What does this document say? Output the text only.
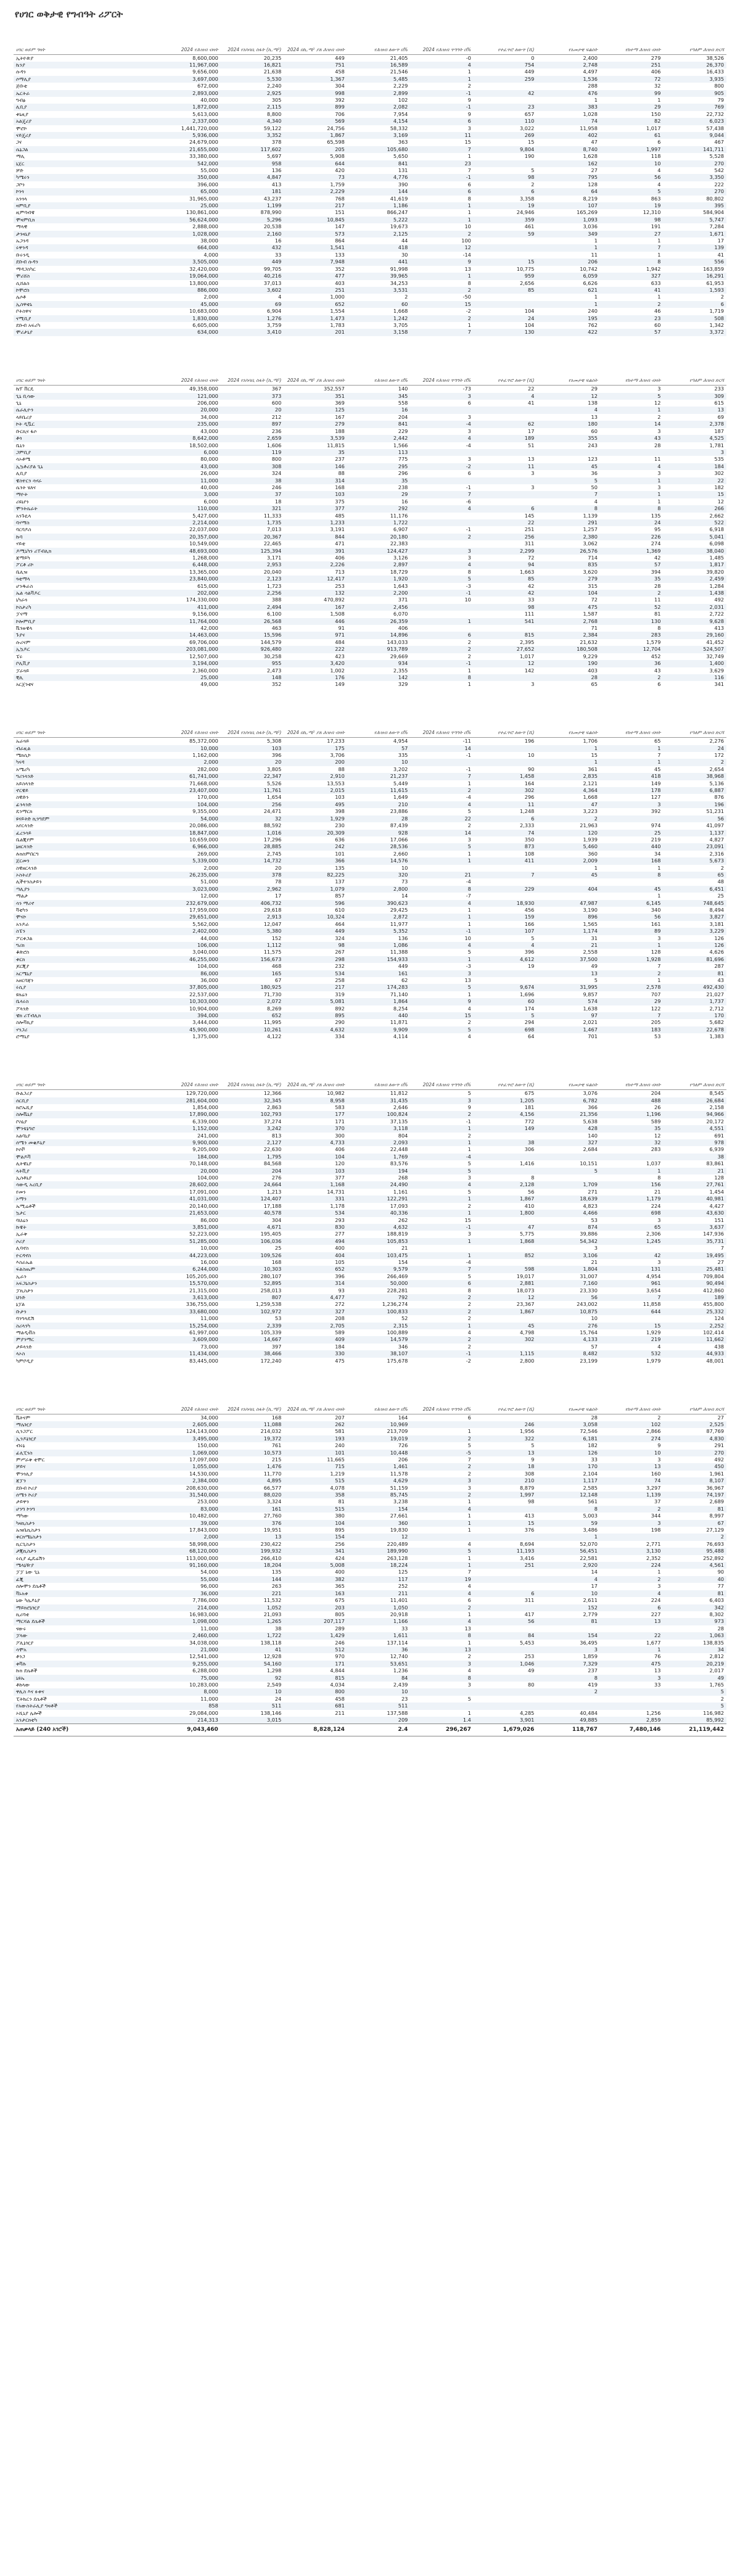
የሀገር ወቅታዊ የግብዓት ሪፖርት
ሀገር ወይም ግዛት	2024 የሕዝብ ብዛት	2024 የአካባቢ ስፋት (ኪ.ሜ²)	2024 በኪ.ሜ² ያለ ሕዝብ ብዛት	የሕዝብ ለውጥ በ%	2024 የሕዝብ ጥግግት በ%	የተፈጥሮ ለውጥ (ሺ)	የአመታዊ ፍልሰት	የከተማ ሕዝብ ብዛት	የዓለም ሕዝብ ድርሻ
ኢትዮጵያ	8,600,000	20,235	449	21,405	-0	0	2,400	279	38,526
ኬንያ	11,967,000	16,821	751	16,589	4	754	2,748	251	26,370
ሱዳን	9,656,000	21,638	458	21,546	1	449	4,497	406	16,433
ሶማሊያ	3,697,000	5,530	1,367	5,485	1	259	1,536	72	3,935
ጅቡቲ	672,000	2,240	304	2,229	2		288	32	800
ኤርትራ	2,893,000	2,925	998	2,899	-1	42	476	99	905
ግብፅ	40,000	305	392	102	9		1	1	79
ሊቢያ	1,872,000	2,115	899	2,082	-1	23	383	29	769
ቱኒዚያ	5,613,000	8,800	706	7,954	9	657	1,028	150	22,732
አልጄሪያ	2,337,000	4,340	569	4,154	6	110	74	82	6,023
ሞሮኮ	1,441,720,000	59,122	24,756	58,332	3	3,022	11,958	1,017	57,438
ናይጄሪያ	5,936,000	3,352	1,867	3,169	11	269	402	61	9,044
ጋና	24,679,000	378	65,598	363	15	15	47	6	467
ሴኔጋል	21,655,000	117,602	205	105,680	7	9,804	8,740	1,997	141,711
ማሊ	33,380,000	5,697	5,908	5,650	1	190	1,628	118	5,528
ኒጀር	542,000	958	644	841	23		162	10	270
ቻድ	55,000	136	420	131	7	5	27	4	542
ካሜሩን	350,000	4,847	73	4,776	-1	98	795	56	3,350
ጋቦን	396,000	413	1,759	390	6	2	128	4	222
ኮንጎ	65,000	181	2,229	144	6	6	64	5	270
አንጎላ	31,965,000	43,237	768	41,619	8	3,358	8,219	863	80,802
ዛምቢያ	25,000	1,199	217	1,186	1	19	107	19	395
ዚምባብዌ	130,861,000	878,990	151	866,247	1	24,946	165,269	12,310	584,904
ሞዛምቢክ	56,624,000	5,296	10,845	5,222	1	359	1,093	98	5,747
ማላዊ	2,888,000	20,538	147	19,673	10	461	3,036	191	7,284
ታንዛኒያ	1,028,000	2,160	573	2,125	2	59	349	27	1,671
ኡጋንዳ	38,000	16	864	44	100		1	1	17
ሩዋንዳ	664,000	432	1,541	418	12		1	7	139
ቡሩንዲ	4,000	33	133	30	-14		11	1	41
ደቡብ ሱዳን	3,505,000	449	7,948	441	9	15	206	8	556
ማዳጋስካር	32,420,000	99,705	352	91,998	13	10,775	10,742	1,942	163,859
ሞሪሸስ	19,064,000	40,216	477	39,965	1	959	6,059	327	16,291
ሲሸልስ	13,800,000	37,013	403	34,253	8	2,656	6,626	633	61,953
ኮሞሮስ	886,000	3,602	251	3,531	2	85	621	41	1,593
ሌሶቶ	2,000	4	1,000	2	-50		1	1	2
ኢስዋቲኒ	45,000	69	652	60	15		1	2	6
ቦትስዋና	10,683,000	6,904	1,554	1,668	-2	104	240	46	1,719
ናሚቢያ	1,830,000	1,276	1,473	1,242	2	24	195	23	508
ደቡብ አፍሪካ	6,605,000	3,759	1,783	3,705	1	104	762	60	1,342
ሞሪታኒያ	634,000	3,410	201	3,158	7	130	422	57	3,372
ሀገር ወይም ግዛት	2024 የሕዝብ ብዛት	2024 የአካባቢ ስፋት (ኪ.ሜ²)	2024 በኪ.ሜ² ያለ ሕዝብ ብዛት	የሕዝብ ለውጥ በ%	2024 የሕዝብ ጥግግት በ%	የተፈጥሮ ለውጥ (ሺ)	የአመታዊ ፍልሰት	የከተማ ሕዝብ ብዛት	የዓለም ሕዝብ ድርሻ
ኬፕ ቨርዴ	49,358,000	367	352,557	140	-73	22	29	3	233
ጊኒ ቢሳው	121,000	373	351	345	3	4	12	5	309
ጊኒ	206,000	600	369	558	6	41	138	12	615
ሴራሊዮን	20,000	20	125	16			4	1	13
ላይቤሪያ	34,000	212	167	204	3		13	2	69
ኮት ዲቯር	235,000	897	279	841	-4	62	180	14	2,378
ቡርኪና ፋሶ	43,000	236	188	229	3	17	60	3	187
ቶጎ	8,642,000	2,659	3,539	2,442	4	189	355	43	4,525
ቤኒን	18,502,000	1,606	11,815	1,566	-4	51	243	28	1,781
ጋምቢያ	6,000	119	35	113					3
ሳኦቶሜ	80,000	800	237	775	3	13	123	11	535
ኢኳቶሪያል ጊኒ	43,000	308	146	295	-2	11	45	4	184
ሊቢያ	26,000	324	88	296	6	3	36	3	302
ዌስተርን ሳሃራ	11,000	38	314	35			5	1	22
ሴንት ሄለና	40,000	246	168	238	-1	3	50	3	182
ማዮት	3,000	37	103	29	7		7	1	15
ሪዩኒየን	6,000	18	375	16	-6		4	1	12
ሞንትሴራት	110,000	321	377	292	4	6	8	8	266
አንጉዪላ	5,427,000	11,333	485	11,176		145	1,139	135	2,662
ባሃማስ	2,214,000	1,735	1,233	1,722		22	291	24	522
ባርባዶስ	22,037,000	7,013	3,191	6,907	-1	251	1,257	95	6,918
ኩባ	20,357,000	20,367	844	20,180	2	256	2,380	226	5,041
ሃይቲ	10,549,000	22,465	471	22,383		311	3,062	274	6,098
ዶሚኒካን ሪፐብሊክ	48,693,000	125,394	391	124,427	3	2,299	26,576	1,369	38,040
ጃማይካ	1,268,000	3,171	406	3,126	3	72	714	42	1,485
ፖርቶ ሪኮ	6,448,000	2,953	2,226	2,897	4	94	835	57	1,817
ቤሊዝ	13,365,000	20,040	713	18,729	8	1,663	3,620	394	39,820
ጓቲማላ	23,840,000	2,123	12,417	1,920	5	85	279	35	2,459
ሆንዱራስ	615,000	1,723	253	1,643	-3	42	315	28	1,284
ኤል ሳልቫዶር	202,000	2,256	132	2,200	-1	42	104	2	1,438
ኒካራጓ	174,330,000	388	470,892	371	10	33	72	11	492
ኮስታሪካ	411,000	2,494	167	2,456		98	475	52	2,031
ፓናማ	9,156,000	6,100	1,508	6,070		111	1,587	81	2,722
ኮሎምቢያ	11,764,000	26,568	446	26,359	1	541	2,768	130	9,628
ቬንዙዌላ	42,000	463	91	406			71	8	413
ጉያና	14,463,000	15,596	971	14,896	6	815	2,384	283	29,160
ሱሪናም	69,706,000	144,579	484	143,033	2	2,395	21,632	1,579	41,452
ኢኳዶር	203,081,000	926,480	222	913,789	2	27,652	180,508	12,704	524,507
ፔሩ	12,507,000	30,258	423	29,669	2	1,017	9,229	452	32,749
ቦሊቪያ	3,194,000	955	3,420	934	-1	12	190	36	1,400
ፓራጓይ	2,360,000	2,473	1,002	2,355	1	142	403	43	3,629
ቺሊ	25,000	148	176	142	8		28	2	116
አርጀንቲና	49,000	352	149	329	1	3	65	6	341
ሀገር ወይም ግዛት	2024 የሕዝብ ብዛት	2024 የአካባቢ ስፋት (ኪ.ሜ²)	2024 በኪ.ሜ² ያለ ሕዝብ ብዛት	የሕዝብ ለውጥ በ%	2024 የሕዝብ ጥግግት በ%	የተፈጥሮ ለውጥ (ሺ)	የአመታዊ ፍልሰት	የከተማ ሕዝብ ብዛት	የዓለም ሕዝብ ድርሻ
ኡራጓይ	85,372,000	5,308	17,233	4,954	-11	196	1,706	65	2,276
ብራዚል	10,000	103	175	57	14		1	1	24
ሜክሲኮ	1,162,000	396	3,706	335	-1	10	15	7	172
ካናዳ	2,000	20	200	10			1	1	2
አሜሪካ	282,000	3,805	88	3,202	-1	90	361	45	2,654
ግሪንላንድ	61,741,000	22,347	2,910	21,237	7	1,458	2,835	418	38,968
አይስላንድ	71,668,000	5,526	13,553	5,449	1	164	2,121	149	5,136
ኖርዌይ	23,407,000	11,761	2,015	11,615	2	302	4,364	178	6,887
ስዊድን	170,000	1,654	103	1,649	-4	296	1,668	127	876
ፊንላንድ	104,000	256	495	210	4	11	47	3	196
ዴንማርክ	9,355,000	24,471	398	23,886	5	1,248	3,223	392	51,231
ዩናይትድ ኪንግደም	54,000	32	1,929	28	22	6	2		56
አየርላንድ	20,086,000	88,592	230	87,439	2	2,333	21,963	974	41,097
ፈረንሳይ	18,847,000	1,016	20,309	928	14	74	120	25	1,137
ቤልጂየም	10,659,000	17,296	636	17,066	3	350	1,939	219	4,827
ኔዘርላንድ	6,966,000	28,885	242	28,536	5	873	5,460	440	23,091
ሉክሰምበርግ	269,000	2,745	101	2,660	1	108	360	34	2,316
ጀርመን	5,339,000	14,732	366	14,576	1	411	2,009	168	5,673
ስዊዘርላንድ	2,000	20	135	10			1	1	2
ኦስትሪያ	26,235,000	378	82,225	320	21	7	45	8	65
ሊችተንስታይን	51,000	78	137	73	-4				48
ጣሊያን	3,023,000	2,962	1,079	2,800	8	229	404	45	6,451
ማልታ	12,000	17	857	14	-7			1	25
ሳን ማሪኖ	232,679,000	406,732	596	390,623	4	18,930	47,987	6,145	748,645
ቫቲካን	17,959,000	29,618	610	29,425	1	456	3,190	340	8,494
ሞናኮ	29,651,000	2,913	10,324	2,872	1	159	896	56	3,827
አንዶራ	5,562,000	12,047	464	11,977	1	166	1,565	161	3,181
ስፔን	2,402,000	5,380	449	5,352	-1	107	1,174	89	3,229
ፖርቱጋል	44,000	152	324	136	10	5	31	3	126
ግሪክ	106,000	1,112	98	1,086	4	4	21	1	126
ቆጵሮስ	3,040,000	11,575	267	11,388	5	396	2,558	128	4,626
ቱርክ	46,255,000	156,673	298	154,933	1	4,612	37,500	1,928	81,696
ጆርጂያ	104,000	468	232	449	-3	19	49	7	287
አርሜኒያ	86,000	165	534	161	3		13	2	81
አዘርባጃን	36,000	67	258	62	13		5	1	43
ሩሲያ	37,805,000	180,925	217	174,283	5	9,674	31,995	2,578	492,430
ዩክሬን	22,537,000	71,730	319	71,140	1	1,696	9,857	707	21,027
ቤላሩስ	10,303,000	2,072	5,081	1,864	9	60	574	29	1,737
ፖላንድ	10,904,000	8,269	892	8,254	4	174	1,638	122	2,712
ቼክ ሪፐብሊክ	394,000	652	895	440	15	5	97	7	170
ስሎቫኪያ	3,444,000	11,995	290	11,871	2	294	2,021	205	5,682
ሃንጋሪ	45,900,000	10,261	4,632	9,909	5	698	1,467	183	22,678
ሮማኒያ	1,375,000	4,122	334	4,114	4	64	701	53	1,383
ሀገር ወይም ግዛት	2024 የሕዝብ ብዛት	2024 የአካባቢ ስፋት (ኪ.ሜ²)	2024 በኪ.ሜ² ያለ ሕዝብ ብዛት	የሕዝብ ለውጥ በ%	2024 የሕዝብ ጥግግት በ%	የተፈጥሮ ለውጥ (ሺ)	የአመታዊ ፍልሰት	የከተማ ሕዝብ ብዛት	የዓለም ሕዝብ ድርሻ
ቡልጋሪያ	129,720,000	12,366	10,982	11,812	5	675	3,076	204	8,545
ሰርቢያ	281,604,000	32,345	8,958	31,435	3	1,205	6,782	488	26,684
ክሮኤሺያ	1,854,000	2,863	583	2,646	9	181	366	26	2,158
ስሎቬኒያ	17,890,000	102,793	177	100,824	2	4,156	21,356	1,196	94,966
ቦስኒያ	6,339,000	37,274	171	37,135	-1	772	5,638	589	20,172
ሞንቴኔግሮ	1,152,000	3,242	370	3,118	1	149	428	35	4,551
አልባኒያ	241,000	813	300	804	2		140	12	691
ሰሜን መቄዶኒያ	9,900,000	2,127	4,733	2,093	1	38	327	32	978
ኮሶቮ	9,205,000	22,630	406	22,448	1	306	2,684	283	6,939
ሞልዶቫ	184,000	1,795	104	1,769	-4				38
ሊትዌኒያ	70,148,000	84,568	120	83,576	5	1,416	10,151	1,037	83,861
ላትቪያ	20,000	204	103	194	5		5	1	21
ኢስቶኒያ	104,000	276	377	268	3	8		8	128
ሳውዲ አረቢያ	28,602,000	24,664	1,168	24,490	4	2,128	1,709	156	27,761
የመን	17,091,000	1,213	14,731	1,161	5	56	271	21	1,454
ኦማን	41,031,000	124,407	331	122,291	1	1,867	18,639	1,179	40,981
ኤሚሬቶች	20,140,000	17,188	1,178	17,093	2	410	4,823	224	4,427
ኳታር	21,653,000	40,578	534	40,336	1	1,800	4,466	698	43,630
ባህሬን	86,000	304	293	262	15		53	3	151
ኩዌት	3,851,000	4,671	830	4,632	-1	47	874	65	3,637
ኢራቅ	52,223,000	195,405	277	188,819	3	5,775	39,886	2,306	147,936
ሶሪያ	51,285,000	106,036	494	105,853	1	1,868	54,342	1,245	35,731
ሊባኖስ	10,000	25	400	21			3		7
ዮርዳኖስ	44,223,000	109,526	404	103,475	1	852	3,106	42	19,495
እስራኤል	16,000	168	105	154	-4		21	3	27
ፍልስጤም	6,244,000	10,303	652	9,579	7	598	1,804	131	25,481
ኢራን	105,205,000	280,107	396	266,469	5	19,017	31,007	4,954	709,804
አፍጋኒስታን	15,570,000	52,895	314	50,000	6	2,881	7,160	961	90,494
ፓኪስታን	21,315,000	258,013	93	228,281	8	18,073	23,330	3,654	412,860
ህንድ	3,613,000	807	4,477	792	2	12	56	7	189
ኔፓል	336,755,000	1,259,538	272	1,236,274	2	23,367	243,002	11,858	455,800
ቡታን	33,680,000	102,972	327	100,833	2	1,867	10,875	644	25,332
ባንግላዴሽ	11,000	53	208	52	2		10		124
ስሪላንካ	15,254,000	2,339	2,705	2,315	1	45	276	15	2,252
ማልዲቭስ	61,997,000	105,339	589	100,889	4	4,798	15,764	1,929	102,414
ምያንማር	3,609,000	14,667	409	14,579	2	302	4,133	219	11,662
ታይላንድ	73,000	397	184	346	2		57	4	438
ላኦስ	11,434,000	38,466	330	38,107	-1	1,115	8,482	532	44,933
ካምቦዲያ	83,445,000	172,240	475	175,678	-2	2,800	23,199	1,979	48,001
ሀገር ወይም ግዛት	2024 የሕዝብ ብዛት	2024 የአካባቢ ስፋት (ኪ.ሜ²)	2024 በኪ.ሜ² ያለ ሕዝብ ብዛት	የሕዝብ ለውጥ በ%	2024 የሕዝብ ጥግግት በ%	የተፈጥሮ ለውጥ (ሺ)	የአመታዊ ፍልሰት	የከተማ ሕዝብ ብዛት	የዓለም ሕዝብ ድርሻ
ቬትናም	34,000	168	207	164	6		28	2	27
ማሌዢያ	2,605,000	11,088	262	10,969		246	3,058	102	2,525
ሲንጋፖር	124,143,000	214,032	581	213,709	1	1,956	72,546	2,866	87,769
ኢንዶኔዢያ	3,495,000	19,372	193	19,019	2	322	6,181	274	4,830
ብሩኔ	150,000	761	240	726	5	5	182	9	291
ፊሊፒንስ	1,069,000	10,573	101	10,448	-5	13	126	10	270
ምሥራቅ ቲሞር	17,097,000	215	11,665	206	7	9	33	3	492
ቻይና	1,055,000	1,476	715	1,461	2	18	170	13	450
ሞንጎሊያ	14,530,000	11,770	1,219	11,578	2	308	2,104	160	1,961
ጃፓን	2,384,000	4,895	515	4,629	3	210	1,117	74	8,107
ደቡብ ኮሪያ	208,630,000	66,577	4,078	51,159	3	8,879	2,585	3,297	36,967
ሰሜን ኮሪያ	31,540,000	88,020	358	85,745	2	1,997	12,148	1,139	74,197
ታይዋን	253,000	3,324	81	3,238	1	98	561	37	2,689
ሆንግ ኮንግ	83,000	161	515	154	4		8	2	81
ማካው	10,482,000	27,760	380	27,661	1	413	5,003	344	8,997
ካዛኪስታን	39,000	376	104	360	1	15	59	3	67
ኡዝቤኪስታን	17,843,000	19,951	895	19,830	1	376	3,486	198	27,129
ቱርክሜኒስታን	2,000	13	154	12			1		2
ኪርጊስታን	58,998,000	230,422	256	220,489	4	8,694	52,070	2,771	76,693
ታጂኪስታን	68,120,000	199,932	341	189,990	5	11,193	56,451	3,130	95,488
ሩሲያ ፌዴሬሽን	113,000,000	266,410	424	263,128	1	3,416	22,581	2,352	252,892
ሜላኔዥያ	91,160,000	18,204	5,008	18,224	1	251	2,920	224	4,561
ፓፓ ኒው ጊኒ	54,000	135	400	125	7		14	1	90
ፊጂ	55,000	144	382	117	19		4	2	40
ሰሎሞን ደሴቶች	96,000	263	365	252	4		17	3	77
ቫኑአቱ	36,000	221	163	211	4	6	10	4	81
ኒው ካሌዶኒያ	7,786,000	11,532	675	11,401	6	311	2,611	224	6,403
ማይክሮኔዢያ	214,000	1,052	203	1,050	2		152	6	342
ኪሪባቲ	16,983,000	21,093	805	20,918	1	417	2,779	227	8,302
ማርሻል ደሴቶች	1,098,000	1,265	207,117	1,166	4	56	81	13	973
ናውሩ	11,000	38	289	33	13				28
ፓላው	2,460,000	1,722	1,429	1,611	8	84	154	22	1,063
ፖሊኔዢያ	34,038,000	138,118	246	137,114	1	5,453	36,495	1,677	138,835
ሳሞአ	21,000	41	512	36	13		3	1	34
ቶንጋ	12,541,000	12,928	970	12,740	2	253	1,859	76	2,812
ቱቫሉ	9,255,000	54,160	171	53,651	3	1,046	7,329	475	20,219
ኩክ ደሴቶች	6,288,000	1,298	4,844	1,236	4	49	237	13	2,017
ኒዩኤ	75,000	92	815	84	8		8	3	49
ቶከላው	10,283,000	2,549	4,034	2,439	3	80	419	33	1,765
ዋሊስ እና ፉቱና	8,000	10	800	10			2		5
ፒትኬርን ደሴቶች	11,000	24	458	23	5				2
የአውስትራሊያ ግዛቶች	858	511	681	511					5
ኦሺኒያ ሌሎች	29,084,000	138,146	211	137,588	1	4,285	40,484	1,256	116,982
አንታርክቲካ	214,313	3,015		209	1.4	3,901	49,885	2,859	85,992
አጠቃላይ (240 አገሮች)	9,043,460		8,828,124	2.4	296,267	1,679,026	118,767	7,480,146	21,119,442
